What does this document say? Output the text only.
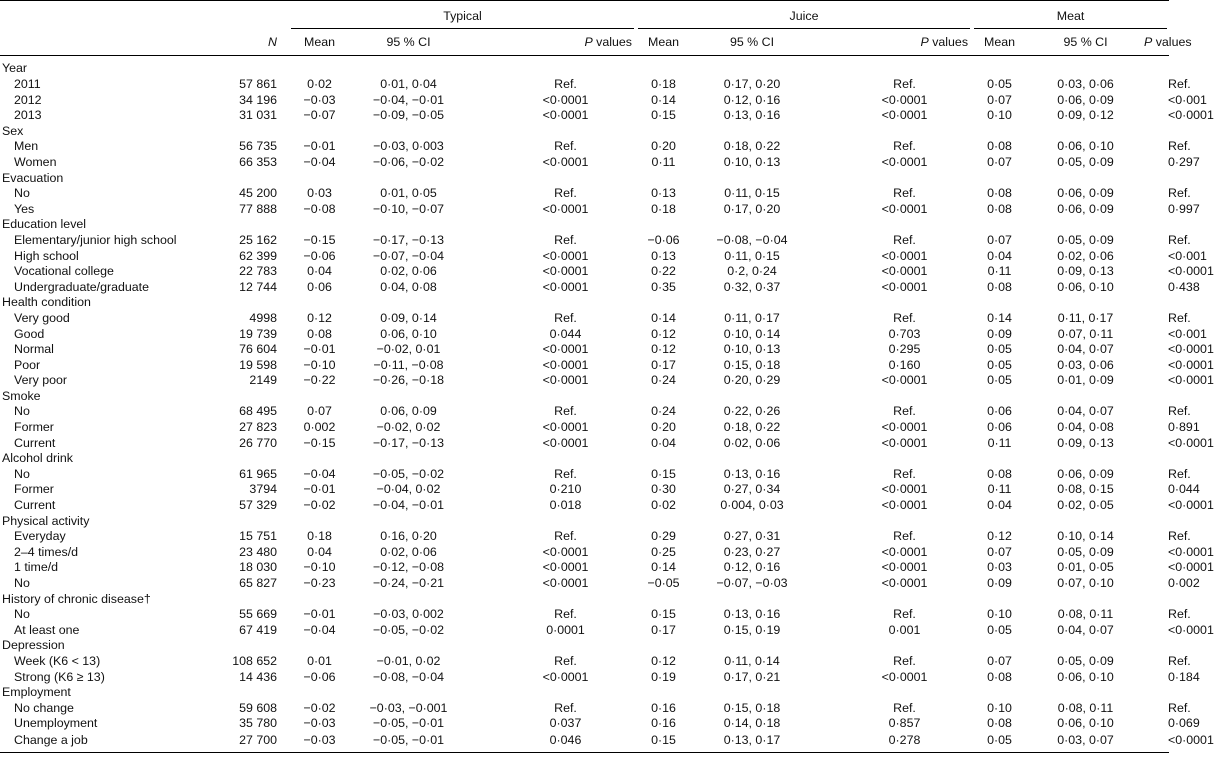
		Typical			Juice			Meat		

	N	Mean	95 % CI	P values	Mean	95 % CI	P values	Mean	95 % CI	P values
Year										
2011	57 861	0·02	0·01, 0·04	Ref.	0·18	0·17, 0·20	Ref.	0·05	0·03, 0·06	Ref.
2012	34 196	−0·03	−0·04, −0·01	<0·0001	0·14	0·12, 0·16	<0·0001	0·07	0·06, 0·09	<0·001
2013	31 031	−0·07	−0·09, −0·05	<0·0001	0·15	0·13, 0·16	<0·0001	0·10	0·09, 0·12	<0·0001
Sex										
Men	56 735	−0·01	−0·03, 0·003	Ref.	0·20	0·18, 0·22	Ref.	0·08	0·06, 0·10	Ref.
Women	66 353	−0·04	−0·06, −0·02	<0·0001	0·11	0·10, 0·13	<0·0001	0·07	0·05, 0·09	0·297
Evacuation										
No	45 200	0·03	0·01, 0·05	Ref.	0·13	0·11, 0·15	Ref.	0·08	0·06, 0·09	Ref.
Yes	77 888	−0·08	−0·10, −0·07	<0·0001	0·18	0·17, 0·20	<0·0001	0·08	0·06, 0·09	0·997
Education level										
Elementary/junior high school	25 162	−0·15	−0·17, −0·13	Ref.	−0·06	−0·08, −0·04	Ref.	0·07	0·05, 0·09	Ref.
High school	62 399	−0·06	−0·07, −0·04	<0·0001	0·13	0·11, 0·15	<0·0001	0·04	0·02, 0·06	<0·001
Vocational college	22 783	0·04	0·02, 0·06	<0·0001	0·22	0·2, 0·24	<0·0001	0·11	0·09, 0·13	<0·0001
Undergraduate/graduate	12 744	0·06	0·04, 0·08	<0·0001	0·35	0·32, 0·37	<0·0001	0·08	0·06, 0·10	0·438
Health condition										
Very good	4998	0·12	0·09, 0·14	Ref.	0·14	0·11, 0·17	Ref.	0·14	0·11, 0·17	Ref.
Good	19 739	0·08	0·06, 0·10	0·044	0·12	0·10, 0·14	0·703	0·09	0·07, 0·11	<0·001
Normal	76 604	−0·01	−0·02, 0·01	<0·0001	0·12	0·10, 0·13	0·295	0·05	0·04, 0·07	<0·0001
Poor	19 598	−0·10	−0·11, −0·08	<0·0001	0·17	0·15, 0·18	0·160	0·05	0·03, 0·06	<0·0001
Very poor	2149	−0·22	−0·26, −0·18	<0·0001	0·24	0·20, 0·29	<0·0001	0·05	0·01, 0·09	<0·0001
Smoke										
No	68 495	0·07	0·06, 0·09	Ref.	0·24	0·22, 0·26	Ref.	0·06	0·04, 0·07	Ref.
Former	27 823	0·002	−0·02, 0·02	<0·0001	0·20	0·18, 0·22	<0·0001	0·06	0·04, 0·08	0·891
Current	26 770	−0·15	−0·17, −0·13	<0·0001	0·04	0·02, 0·06	<0·0001	0·11	0·09, 0·13	<0·0001
Alcohol drink										
No	61 965	−0·04	−0·05, −0·02	Ref.	0·15	0·13, 0·16	Ref.	0·08	0·06, 0·09	Ref.
Former	3794	−0·01	−0·04, 0·02	0·210	0·30	0·27, 0·34	<0·0001	0·11	0·08, 0·15	0·044
Current	57 329	−0·02	−0·04, −0·01	0·018	0·02	0·004, 0·03	<0·0001	0·04	0·02, 0·05	<0·0001
Physical activity										
Everyday	15 751	0·18	0·16, 0·20	Ref.	0·29	0·27, 0·31	Ref.	0·12	0·10, 0·14	Ref.
2–4 times/d	23 480	0·04	0·02, 0·06	<0·0001	0·25	0·23, 0·27	<0·0001	0·07	0·05, 0·09	<0·0001
1 time/d	18 030	−0·10	−0·12, −0·08	<0·0001	0·14	0·12, 0·16	<0·0001	0·03	0·01, 0·05	<0·0001
No	65 827	−0·23	−0·24, −0·21	<0·0001	−0·05	−0·07, −0·03	<0·0001	0·09	0·07, 0·10	0·002
History of chronic disease†										
No	55 669	−0·01	−0·03, 0·002	Ref.	0·15	0·13, 0·16	Ref.	0·10	0·08, 0·11	Ref.
At least one	67 419	−0·04	−0·05, −0·02	0·0001	0·17	0·15, 0·19	0·001	0·05	0·04, 0·07	<0·0001
Depression										
Week (K6 < 13)	108 652	0·01	−0·01, 0·02	Ref.	0·12	0·11, 0·14	Ref.	0·07	0·05, 0·09	Ref.
Strong (K6 ≥ 13)	14 436	−0·06	−0·08, −0·04	<0·0001	0·19	0·17, 0·21	<0·0001	0·08	0·06, 0·10	0·184
Employment										
No change	59 608	−0·02	−0·03, −0·001	Ref.	0·16	0·15, 0·18	Ref.	0·10	0·08, 0·11	Ref.
Unemployment	35 780	−0·03	−0·05, −0·01	0·037	0·16	0·14, 0·18	0·857	0·08	0·06, 0·10	0·069
Change a job	27 700	−0·03	−0·05, −0·01	0·046	0·15	0·13, 0·17	0·278	0·05	0·03, 0·07	<0·0001
